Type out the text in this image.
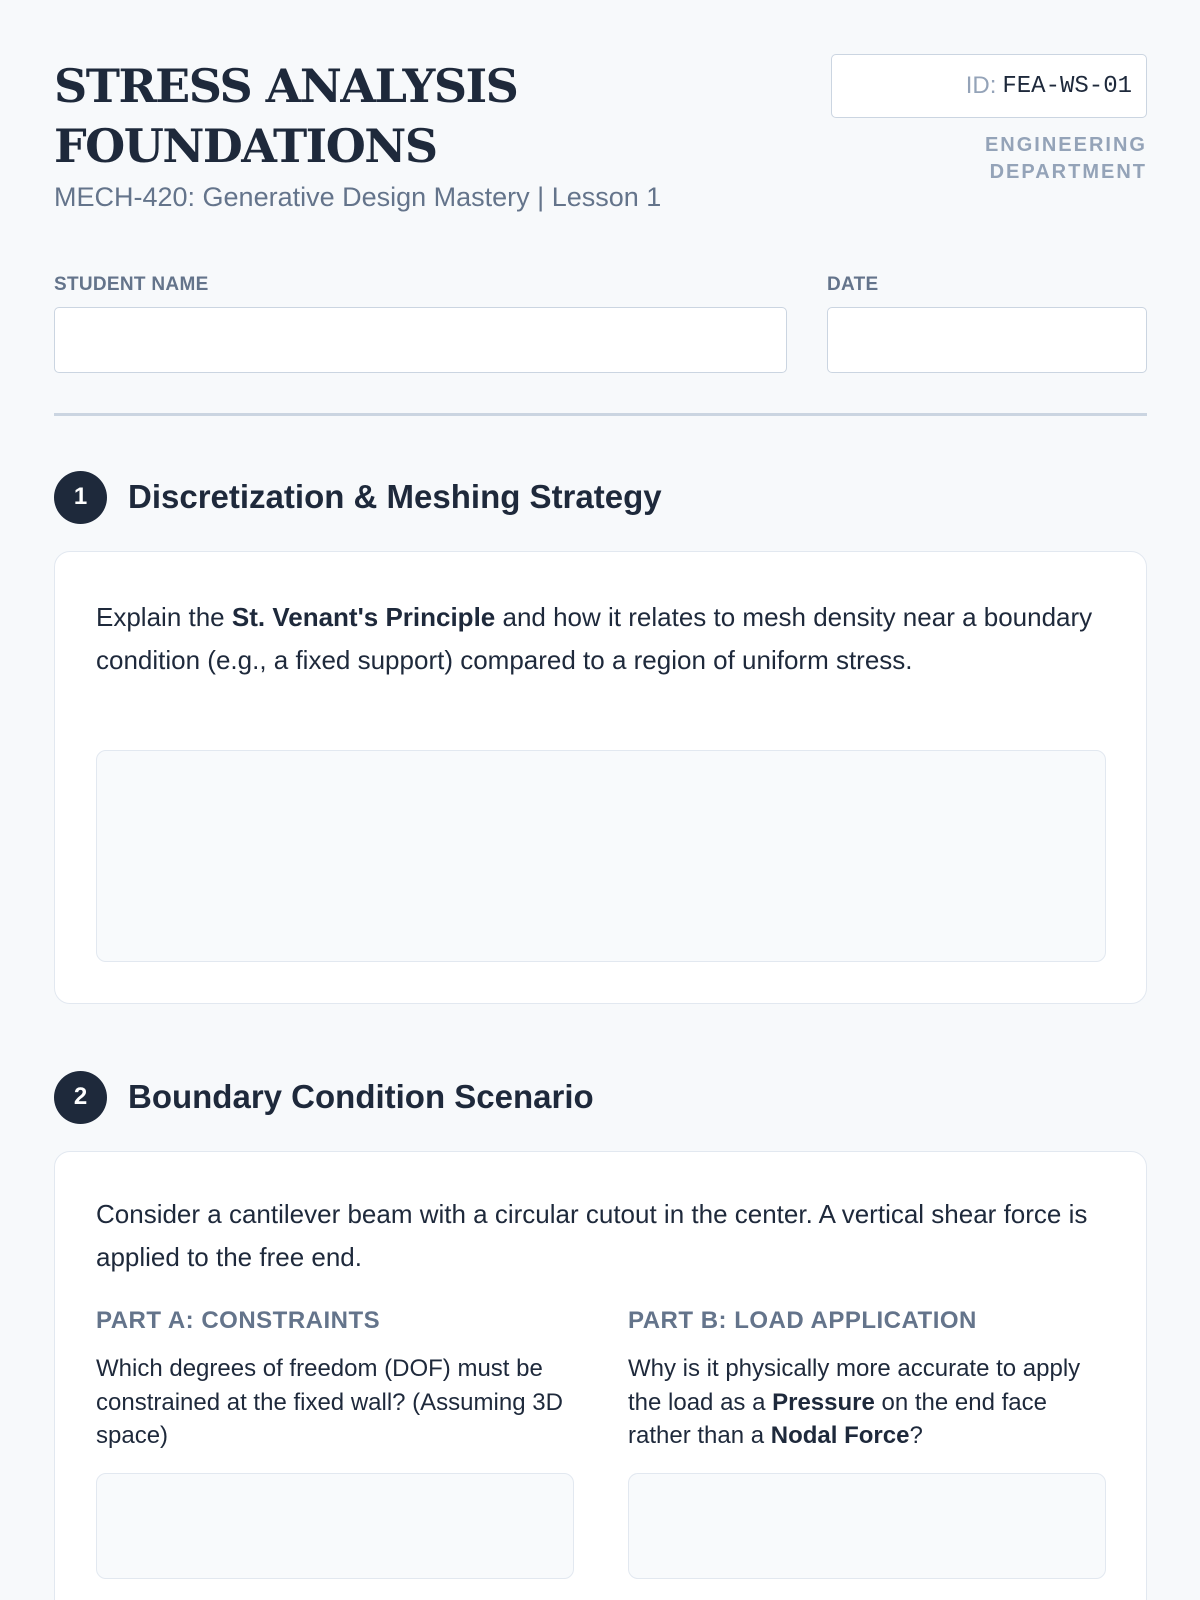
STRESS ANALYSIS FOUNDATIONS
MECH-420: Generative Design Mastery | Lesson 1
ID: FEA-WS-01
ENGINEERING DEPARTMENT
STUDENT NAME	DATE
1	Discretization & Meshing Strategy

Explain the St. Venant's Principle and how it relates to mesh density near a boundary condition (e.g., a fixed support) compared to a region of uniform stress.

2	Boundary Condition Scenario

Consider a cantilever beam with a circular cutout in the center. A vertical shear force is applied to the free end.

PART A: CONSTRAINTS

Which degrees of freedom (DOF) must be constrained at the fixed wall? (Assuming 3D space)

PART B: LOAD APPLICATION

Why is it physically more accurate to apply the load as a Pressure on the end face rather than a Nodal Force?
